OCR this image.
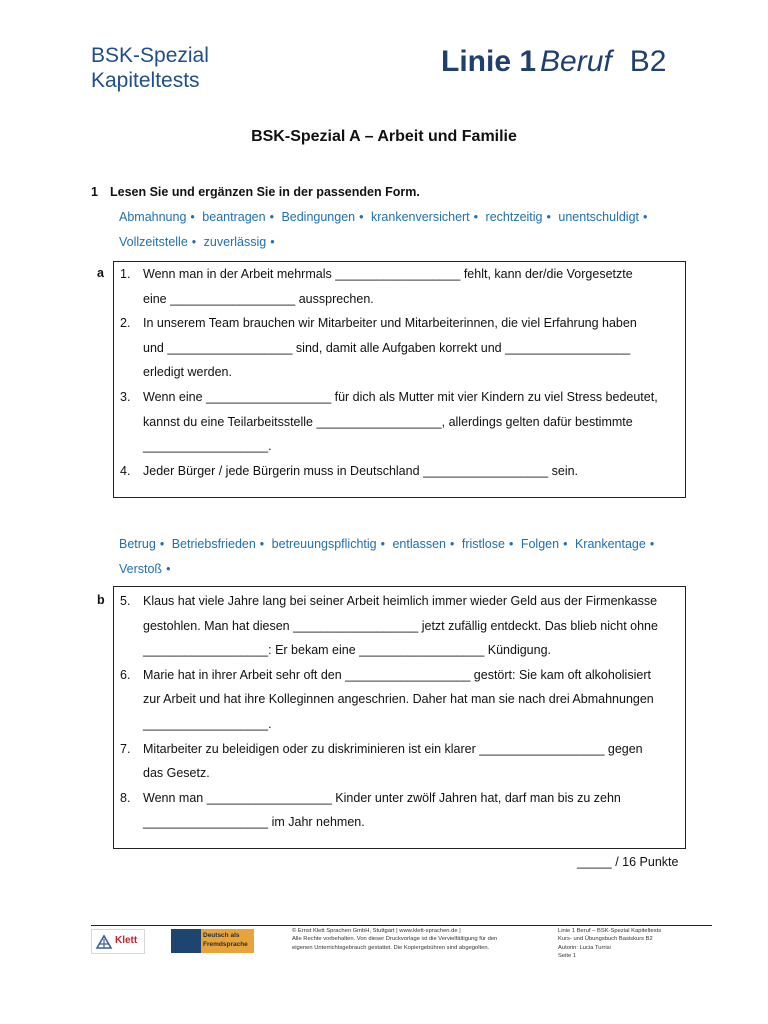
BSK-Spezial
Kapiteltests
Linie 1 Beruf B2
BSK-Spezial A – Arbeit und Familie
1 Lesen Sie und ergänzen Sie in der passenden Form.
Abmahnung • beantragen • Bedingungen • krankenversichert • rechtzeitig • unentschuldigt • Vollzeitstelle • zuverlässig •
a 1.	Wenn man in der Arbeit mehrmals __________________ fehlt, kann der/die Vorgesetzte
eine __________________ aussprechen.
2.	In unserem Team brauchen wir Mitarbeiter und Mitarbeiterinnen, die viel Erfahrung haben
und __________________ sind, damit alle Aufgaben korrekt und __________________
erledigt werden.
3.	Wenn eine __________________ für dich als Mutter mit vier Kindern zu viel Stress bedeutet,
kannst du eine Teilarbeitsstelle __________________, allerdings gelten dafür bestimmte
__________________.
4.	Jeder Bürger / jede Bürgerin muss in Deutschland __________________ sein.
Betrug • Betriebsfrieden • betreuungspflichtig • entlassen • fristlose • Folgen • Krankentage • Verstoß •
b 5.	Klaus hat viele Jahre lang bei seiner Arbeit heimlich immer wieder Geld aus der Firmenkasse
gestohlen. Man hat diesen __________________ jetzt zufällig entdeckt. Das blieb nicht ohne
__________________: Er bekam eine __________________ Kündigung.
6.	Marie hat in ihrer Arbeit sehr oft den __________________ gestört: Sie kam oft alkoholisiert
zur Arbeit und hat ihre Kolleginnen angeschrien. Daher hat man sie nach drei Abmahnungen
__________________.
7.	Mitarbeiter zu beleidigen oder zu diskriminieren ist ein klarer __________________ gegen
das Gesetz.
8.	Wenn man __________________ Kinder unter zwölf Jahren hat, darf man bis zu zehn
__________________ im Jahr nehmen.
_____ / 16 Punkte
Klett	Deutsch als
Fremdsprache
© Ernst Klett Sprachen GmbH, Stuttgart | www.klett-sprachen.de |
Alle Rechte vorbehalten. Von dieser Druckvorlage ist die Vervielfältigung für den
eigenen Unterrichtsgebrauch gestattet. Die Kopiergebühren sind abgegolten.
Linie 1 Beruf – BSK-Spezial Kapiteltests
Kurs- und Übungsbuch Basiskurs B2
Autorin: Lucia Turrisi
Seite 1
